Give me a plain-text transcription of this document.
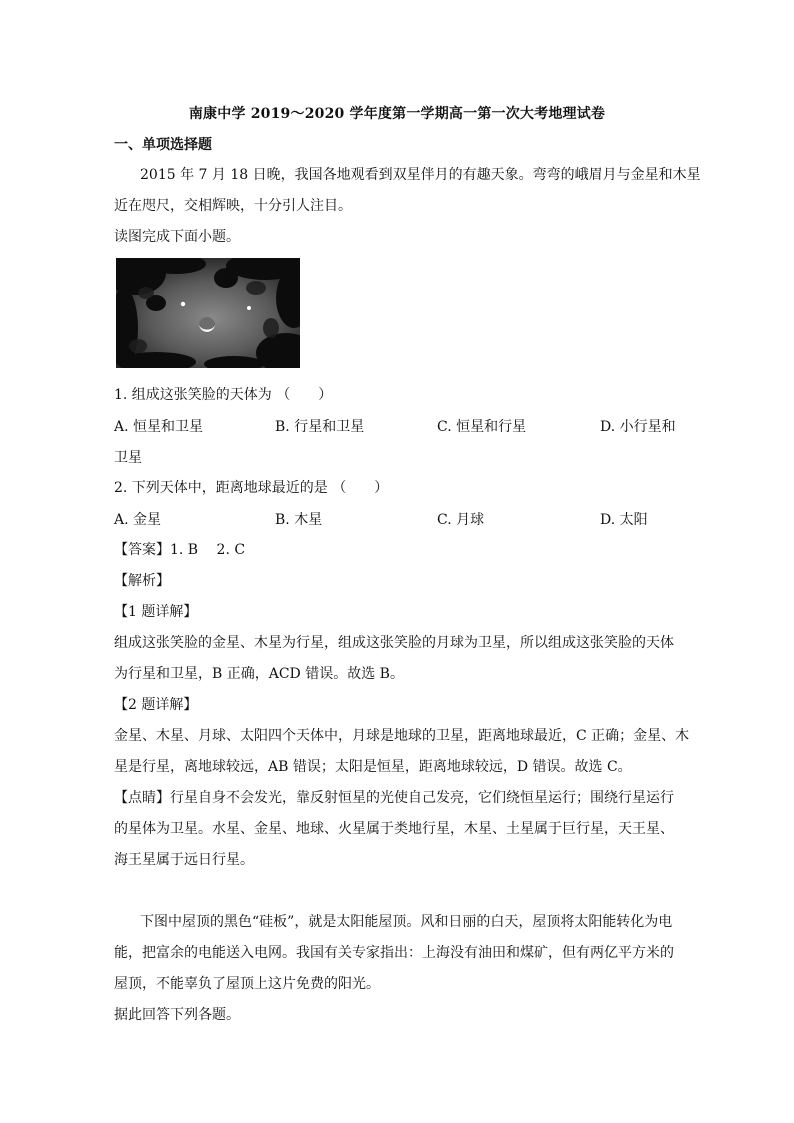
南康中学 2019～2020 学年度第一学期高一第一次大考地理试卷
一、单项选择题
2015 年 7 月 18 日晚，我国各地观看到双星伴月的有趣天象。弯弯的峨眉月与金星和木星
近在咫尺，交相辉映，十分引人注目。
读图完成下面小题。
1. 组成这张笑脸的天体为 （　　）
A. 恒星和卫星	B. 行星和卫星	C. 恒星和行星	D. 小行星和
卫星
2. 下列天体中，距离地球最近的是 （　　）
A. 金星	B. 木星	C. 月球	D. 太阳
【答案】1. B　 2. C
【解析】
【1 题详解】
组成这张笑脸的金星、木星为行星，组成这张笑脸的月球为卫星，所以组成这张笑脸的天体
为行星和卫星，B 正确，ACD 错误。故选 B。
【2 题详解】
金星、木星、月球、太阳四个天体中，月球是地球的卫星，距离地球最近，C 正确；金星、木
星是行星，离地球较远，AB 错误；太阳是恒星，距离地球较远，D 错误。故选 C。
【点睛】行星自身不会发光，靠反射恒星的光使自己发亮，它们绕恒星运行；围绕行星运行
的星体为卫星。水星、金星、地球、火星属于类地行星，木星、土星属于巨行星，天王星、
海王星属于远日行星。
下图中屋顶的黑色“硅板”，就是太阳能屋顶。风和日丽的白天，屋顶将太阳能转化为电
能，把富余的电能送入电网。我国有关专家指出：上海没有油田和煤矿，但有两亿平方米的
屋顶，不能辜负了屋顶上这片免费的阳光。
据此回答下列各题。
